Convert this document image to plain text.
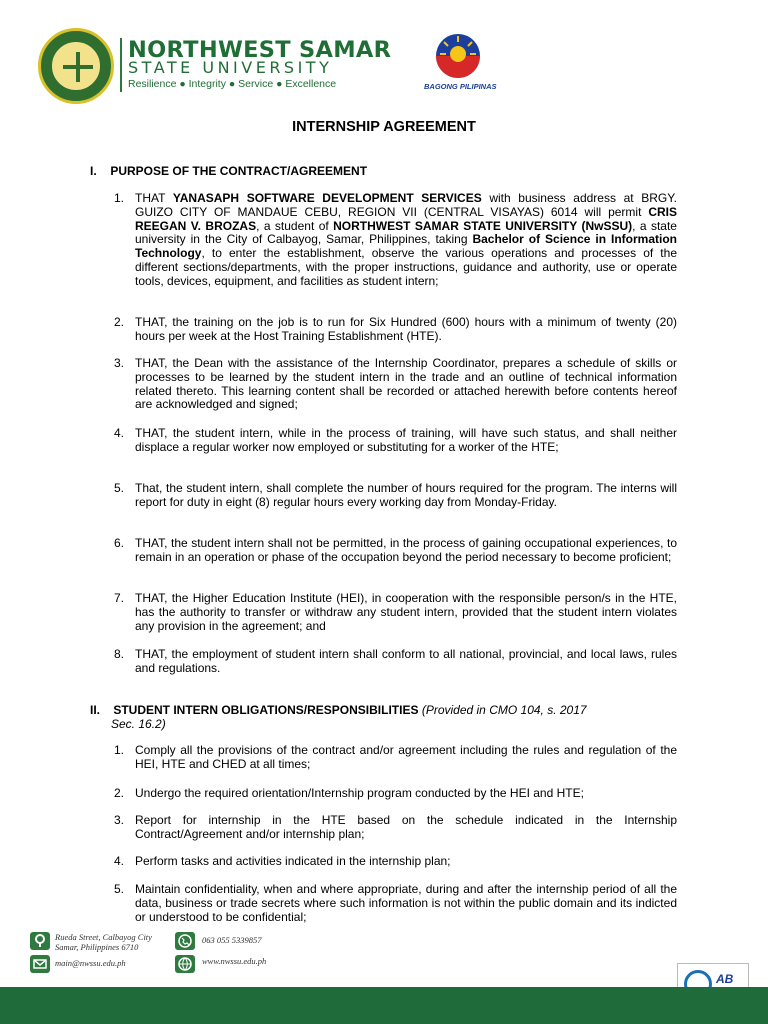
NORTHWEST SAMAR
STATE UNIVERSITY
Resilience ● Integrity ● Service ● Excellence	BAGONG PILIPINAS
INTERNSHIP AGREEMENT
I. PURPOSE OF THE CONTRACT/AGREEMENT
1. THAT YANASAPH SOFTWARE DEVELOPMENT SERVICES with business address at BRGY. GUIZO CITY OF MANDAUE CEBU, REGION VII (CENTRAL VISAYAS) 6014 will permit CRIS REEGAN V. BROZAS, a student of NORTHWEST SAMAR STATE UNIVERSITY (NwSSU), a state university in the City of Calbayog, Samar, Philippines, taking Bachelor of Science in Information Technology, to enter the establishment, observe the various operations and processes of the different sections/departments, with the proper instructions, guidance and authority, use or operate tools, devices, equipment, and facilities as student intern;
2. THAT, the training on the job is to run for Six Hundred (600) hours with a minimum of twenty (20) hours per week at the Host Training Establishment (HTE).
3. THAT, the Dean with the assistance of the Internship Coordinator, prepares a schedule of skills or processes to be learned by the student intern in the trade and an outline of technical information related thereto. This learning content shall be recorded or attached herewith before contents hereof are acknowledged and signed;
4. THAT, the student intern, while in the process of training, will have such status, and shall neither displace a regular worker now employed or substituting for a worker of the HTE;
5. That, the student intern, shall complete the number of hours required for the program. The interns will report for duty in eight (8) regular hours every working day from Monday-Friday.
6. THAT, the student intern shall not be permitted, in the process of gaining occupational experiences, to remain in an operation or phase of the occupation beyond the period necessary to become proficient;
7. THAT, the Higher Education Institute (HEI), in cooperation with the responsible person/s in the HTE, has the authority to transfer or withdraw any student intern, provided that the student intern violates any provision in the agreement; and
8. THAT, the employment of student intern shall conform to all national, provincial, and local laws, rules and regulations.
II. STUDENT INTERN OBLIGATIONS/RESPONSIBILITIES (Provided in CMO 104, s. 2017
Sec. 16.2)
1. Comply all the provisions of the contract and/or agreement including the rules and regulation of the HEI, HTE and CHED at all times;
2. Undergo the required orientation/Internship program conducted by the HEI and HTE;
3. Report for internship in the HTE based on the schedule indicated in the Internship Contract/Agreement and/or internship plan;
4. Perform tasks and activities indicated in the internship plan;
5. Maintain confidentiality, when and where appropriate, during and after the internship period of all the data, business or trade secrets where such information is not within the public domain and its indicted or understood to be confidential;
Rueda Street, Calbayog City
Samar, Philippines 6710
main@nwssu.edu.ph
063 055 5339857
www.nwssu.edu.ph
AB
